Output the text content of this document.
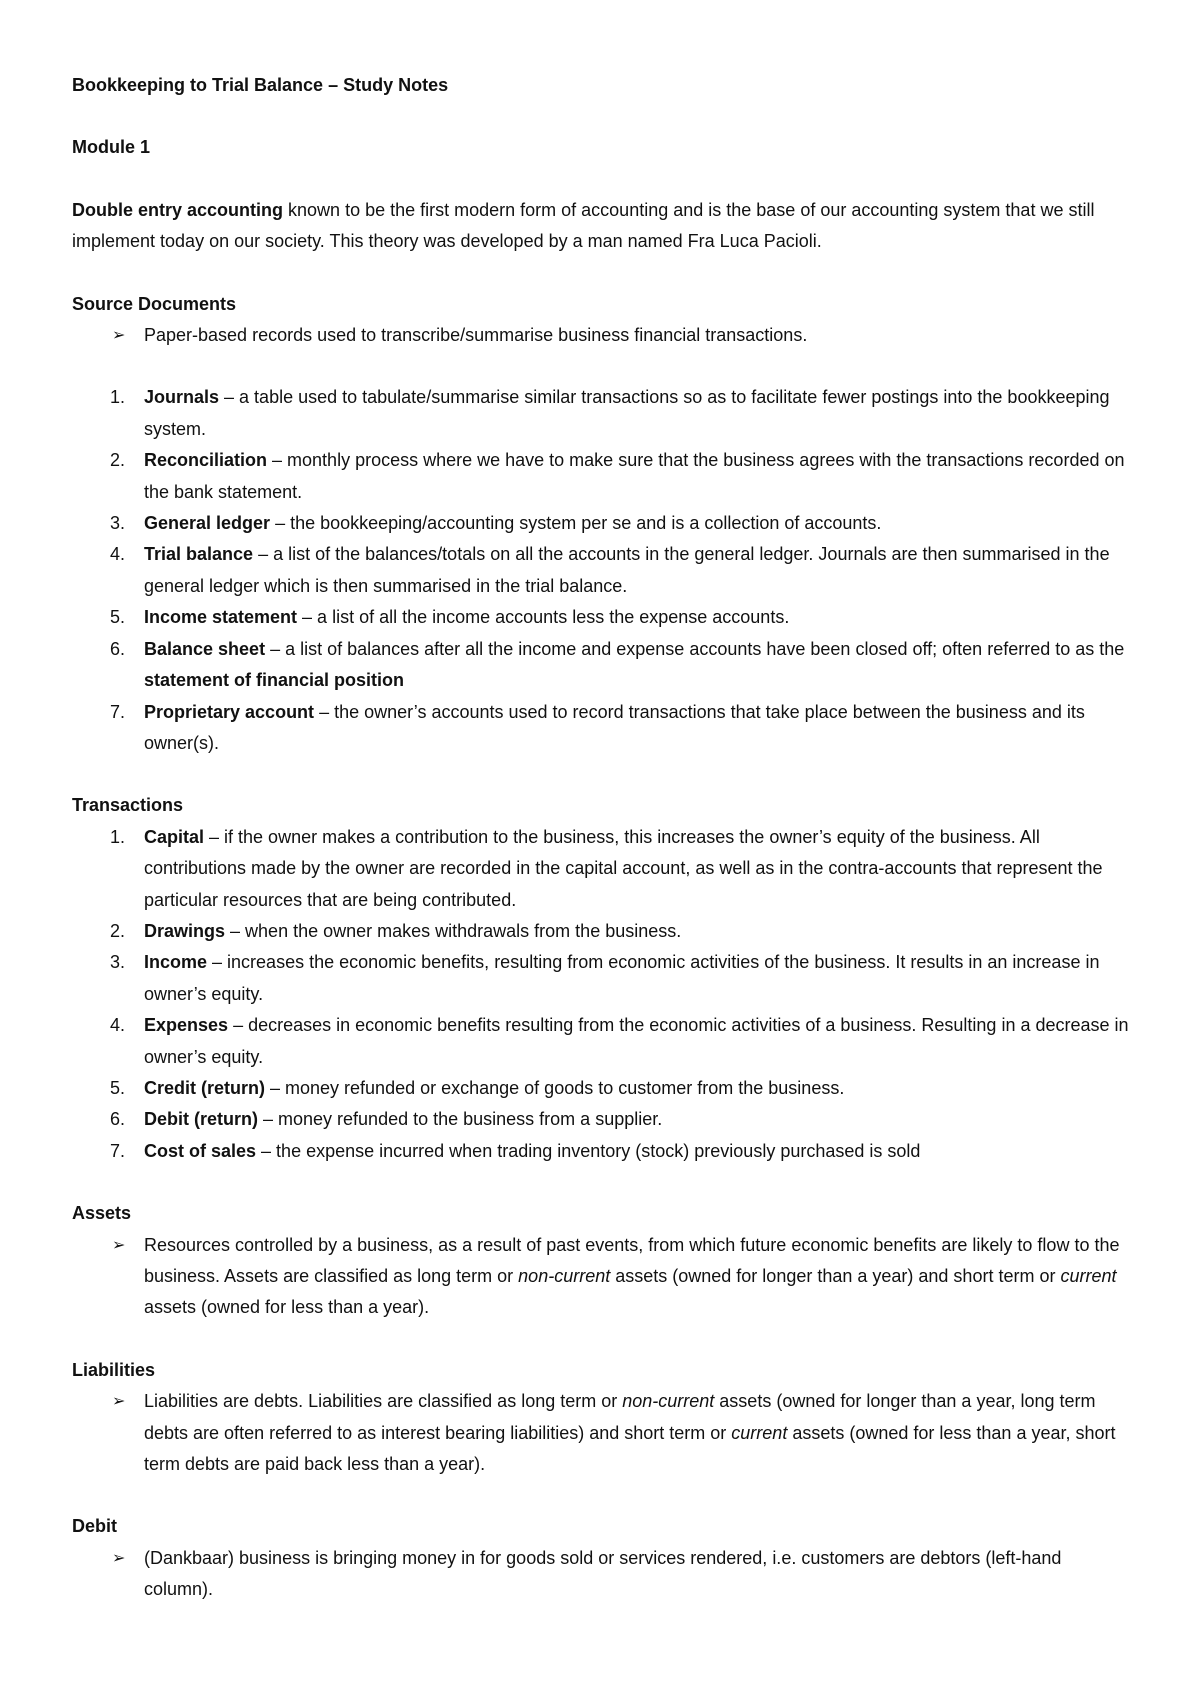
Bookkeeping to Trial Balance – Study Notes
Module 1

Double entry accounting known to be the first modern form of accounting and is the base of our accounting system that we still implement today on our society. This theory was developed by a man named Fra Luca Pacioli.

Source Documents
➢ Paper-based records used to transcribe/summarise business financial transactions.
1. Journals – a table used to tabulate/summarise similar transactions so as to facilitate fewer postings into the bookkeeping system.
2. Reconciliation – monthly process where we have to make sure that the business agrees with the transactions recorded on the bank statement.
3. General ledger – the bookkeeping/accounting system per se and is a collection of accounts.
4. Trial balance – a list of the balances/totals on all the accounts in the general ledger. Journals are then summarised in the general ledger which is then summarised in the trial balance.
5. Income statement – a list of all the income accounts less the expense accounts.
6. Balance sheet – a list of balances after all the income and expense accounts have been closed off; often referred to as the statement of financial position
7. Proprietary account – the owner’s accounts used to record transactions that take place between the business and its owner(s).
Transactions
1. Capital – if the owner makes a contribution to the business, this increases the owner’s equity of the business. All contributions made by the owner are recorded in the capital account, as well as in the contra-accounts that represent the particular resources that are being contributed.
2. Drawings – when the owner makes withdrawals from the business.
3. Income – increases the economic benefits, resulting from economic activities of the business. It results in an increase in owner’s equity.
4. Expenses – decreases in economic benefits resulting from the economic activities of a business. Resulting in a decrease in owner’s equity.
5. Credit (return) – money refunded or exchange of goods to customer from the business.
6. Debit (return) – money refunded to the business from a supplier.
7. Cost of sales – the expense incurred when trading inventory (stock) previously purchased is sold
Assets
➢ Resources controlled by a business, as a result of past events, from which future economic benefits are likely to flow to the business. Assets are classified as long term or non-current assets (owned for longer than a year) and short term or current assets (owned for less than a year).
Liabilities
➢ Liabilities are debts. Liabilities are classified as long term or non-current assets (owned for longer than a year, long term debts are often referred to as interest bearing liabilities) and short term or current assets (owned for less than a year, short term debts are paid back less than a year).
Debit
➢ (Dankbaar) business is bringing money in for goods sold or services rendered, i.e. customers are debtors (left-hand column).
